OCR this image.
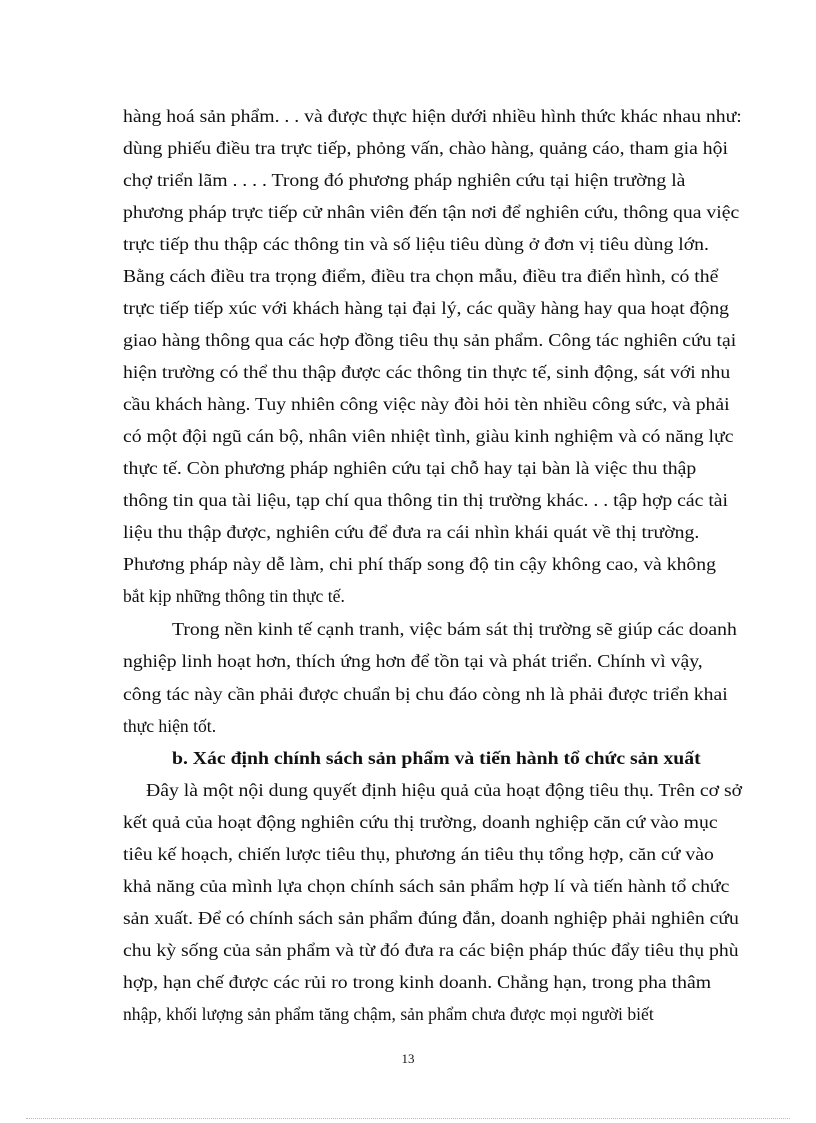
hàng hoá sản phẩm. . . và được thực hiện dưới nhiều hình thức khác nhau như:
dùng phiếu điều tra trực tiếp, phỏng vấn, chào hàng, quảng cáo, tham gia hội
chợ triển lãm . . . . Trong đó phương pháp nghiên cứu tại hiện trường là
phương pháp trực tiếp cử nhân viên đến tận nơi để nghiên cứu, thông qua việc
trực tiếp thu thập các thông tin và số liệu tiêu dùng ở đơn vị tiêu dùng lớn.
Bằng cách điều tra trọng điểm, điều tra chọn mẫu, điều tra điển hình, có thể
trực tiếp tiếp xúc với khách hàng tại đại lý, các quầy hàng hay qua hoạt động
giao hàng thông qua các hợp đồng tiêu thụ sản phẩm. Công tác nghiên cứu tại
hiện trường có thể thu thập được các thông tin thực tế, sinh động, sát với nhu
cầu khách hàng. Tuy nhiên công việc này đòi hỏi tèn nhiều công sức, và phải
có một đội ngũ cán bộ, nhân viên nhiệt tình, giàu kinh nghiệm và có năng lực
thực tế. Còn phương pháp nghiên cứu tại chỗ hay tại bàn là việc thu thập
thông tin qua tài liệu, tạp chí qua thông tin thị trường khác. . . tập hợp các tài
liệu thu thập được, nghiên cứu để đưa ra cái nhìn khái quát về thị trường.
Phương pháp này dễ làm, chi phí thấp song độ tin cậy không cao, và không
bắt kịp những thông tin thực tế.
Trong nền kinh tế cạnh tranh, việc bám sát thị trường sẽ giúp các doanh
nghiệp linh hoạt hơn, thích ứng hơn để tồn tại và phát triển. Chính vì vậy,
công tác này cần phải được chuẩn bị chu đáo còng nh là phải được triển khai
thực hiện tốt.
b. Xác định chính sách sản phẩm và tiến hành tổ chức sản xuất
Đây là một nội dung quyết định hiệu quả của hoạt động tiêu thụ. Trên cơ sở
kết quả của hoạt động nghiên cứu thị trường, doanh nghiệp căn cứ vào mục
tiêu kế hoạch, chiến lược tiêu thụ, phương án tiêu thụ tổng hợp, căn cứ vào
khả năng của mình lựa chọn chính sách sản phẩm hợp lí và tiến hành tổ chức
sản xuất. Để có chính sách sản phẩm đúng đắn, doanh nghiệp phải nghiên cứu
chu kỳ sống của sản phẩm và từ đó đưa ra các biện pháp thúc đẩy tiêu thụ phù
hợp, hạn chế được các rủi ro trong kinh doanh. Chẳng hạn, trong pha thâm
nhập, khối lượng sản phẩm tăng chậm, sản phẩm chưa được mọi người biết
13
